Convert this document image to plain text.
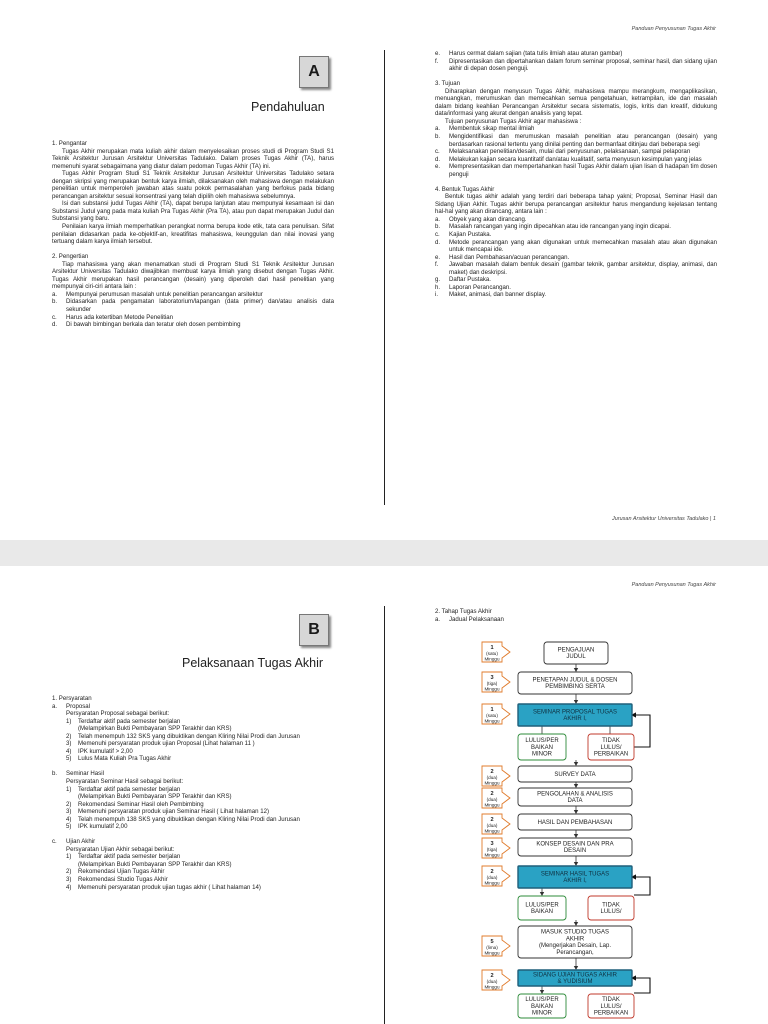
Panduan Penyusunan Tugas Akhir
A
Pendahuluan

1. Pengantar

Tugas Akhir merupakan mata kuliah akhir dalam menyelesaikan proses studi di Program Studi S1 Teknik Arsitektur Jurusan Arsitektur Universitas Tadulako. Dalam proses Tugas Akhir (TA), harus memenuhi syarat sebagaimana yang diatur dalam pedoman Tugas Akhir (TA) ini.

Tugas Akhir Program Studi S1 Teknik Arsitektur Jurusan Arsitektur Universitas Tadulako setara dengan skripsi yang merupakan bentuk karya ilmiah, dilaksanakan oleh mahasiswa dengan melakukan penelitian untuk memperoleh jawaban atas suatu pokok permasalahan yang berfokus pada bidang perancangan arsitektur sesuai konsentrasi yang telah dipilih oleh mahasiswa sebelumnya.

Isi dan substansi judul Tugas Akhir (TA), dapat berupa lanjutan atau mempunyai kesamaan isi dan Substansi Judul yang pada mata kuliah Pra Tugas Akhir (Pra TA), atau pun dapat merupakan Judul dan Substansi yang baru.

Penilaian karya ilmiah memperhatikan perangkat norma berupa kode etik, tata cara penulisan. Sifat penilaian didasarkan pada ke-objektif-an, kreatifitas mahasiswa, keunggulan dan nilai inovasi yang tertuang dalam karya ilmiah tersebut.

2. Pengertian

Tiap mahasiswa yang akan menamatkan studi di Program Studi S1 Teknik Arsitektur Jurusan Arsitektur Universitas Tadulako diwajibkan membuat karya ilmiah yang disebut dengan Tugas Akhir. Tugas Akhir merupakan hasil perancangan (desain) yang diperoleh dari hasil penelitian yang mempunyai ciri-ciri antara lain :

a.	Mempunyai perumusan masalah untuk penelitian perancangan arsitektur
b.	Didasarkan pada pengamatan laboratorium/lapangan (data primer) dan/atau analisis data sekunder
c.	Harus ada ketertiban Metode Penelitian
d.	Di bawah bimbingan berkala dan teratur oleh dosen pembimbing
e.	Harus cermat dalam sajian (tata tulis ilmiah atau aturan gambar)
f.	Dipresentasikan dan dipertahankan dalam forum seminar proposal, seminar hasil, dan sidang ujian akhir di depan dosen penguji.

3. Tujuan

Diharapkan dengan menyusun Tugas Akhir, mahasiswa mampu merangkum, mengaplikasikan, menuangkan, merumuskan dan memecahkan semua pengetahuan, ketrampilan, ide dan masalah dalam bidang keahlian Perancangan Arsitektur secara sistematis, logis, kritis dan kreatif, didukung data/informasi yang akurat dengan analisis yang tepat.

Tujuan penyusunan Tugas Akhir agar mahasiswa :

a.	Membentuk sikap mental ilmiah
b.	Mengidentifikasi dan merumuskan masalah penelitian atau perancangan (desain) yang berdasarkan rasional tertentu yang dinilai penting dan bermanfaat ditinjau dari beberapa segi
c.	Melaksanakan penelitian/desain, mulai dari penyusunan, pelaksanaan, sampai pelaporan
d.	Melakukan kajian secara kuantitatif dan/atau kualitatif, serta menyusun kesimpulan yang jelas
e.	Mempresentasikan dan mempertahankan hasil Tugas Akhir dalam ujian lisan di hadapan tim dosen penguji

4. Bentuk Tugas Akhir

Bentuk tugas akhir adalah yang terdiri dari beberapa tahap yakni; Proposal, Seminar Hasil dan Sidang Ujian Akhir. Tugas akhir berupa perancangan arsitektur harus mengandung kejelasan tentang hal-hal yang akan dirancang, antara lain :

a.	Obyek yang akan dirancang.
b.	Masalah rancangan yang ingin dipecahkan atau ide rancangan yang ingin dicapai.
c.	Kajian Pustaka.
d.	Metode perancangan yang akan digunakan untuk memecahkan masalah atau akan digunakan untuk mencapai ide.
e.	Hasil dan Pembahasan/acuan perancangan.
f.	Jawaban masalah dalam bentuk desain (gambar teknik, gambar arsitektur, display, animasi, dan maket) dan deskripsi.
g.	Daftar Pustaka.
h.	Laporan Perancangan.
i.	Maket, animasi, dan banner display.
Jurusan Arsitektur Universitas Tadulako | 1
Panduan Penyusunan Tugas Akhir
B
Pelaksanaan Tugas Akhir

1. Persyaratan

a.	Proposal

Persyaratan Proposal sebagai berikut:

1)	Terdaftar aktif pada semester berjalan

(Melampirkan Bukti Pembayaran SPP Terakhir dan KRS)

2)	Telah menempuh 132 SKS yang dibuktikan dengan Kliring Nilai Prodi dan Jurusan
3)	Memenuhi persyaratan produk ujian Proposal (Lihat halaman 11 )
4)	IPK kumulatif > 2,00
5)	Lulus Mata Kuliah Pra Tugas Akhir
b.	Seminar Hasil

Persyaratan Seminar Hasil sebagai berikut:

1)	Terdaftar aktif pada semester berjalan

(Melampirkan Bukti Pembayaran SPP Terakhir dan KRS)

2)	Rekomendasi Seminar Hasil oleh Pembimbing
3)	Memenuhi persyaratan produk ujian Seminar Hasil ( Lihat halaman 12)
4)	Telah menempuh 138 SKS yang dibuktikan dengan Kliring Nilai Prodi dan Jurusan
5)	IPK kumulatif 2,00
c.	Ujian Akhir

Persyaratan Ujian Akhir sebagai berikut:

1)	Terdaftar aktif pada semester berjalan

(Melampirkan Bukti Pembayaran SPP Terakhir dan KRS)

2)	Rekomendasi Ujian Tugas Akhir
3)	Rekomendasi Studio Tugas Akhir
4)	Memenuhi persyaratan produk ujian tugas akhir ( Lihat halaman 14)

2. Tahap Tugas Akhir

a.	Jadual Pelaksanaan
PENGAJUAN
JUDUL
PENETAPAN JUDUL & DOSEN
PEMBIMBING SERTA
SEMINAR PROPOSAL TUGAS
AKHIR I,
LULUS/PER
BAIKAN
MINOR
TIDAK
LULUS/
PERBAIKAN
SURVEY DATA
PENGOLAHAN & ANALISIS
DATA
HASIL DAN PEMBAHASAN
KONSEP DESAIN DAN PRA
DESAIN
SEMINAR HASIL TUGAS
AKHIR I,
LULUS/PER
BAIKAN
TIDAK
LULUS/
MASUK STUDIO TUGAS
AKHIR
(Mengerjakan Desain, Lap.
Perancangan,
SIDANG UJIAN TUGAS AKHIR
& YUDISIUM
LULUS/PER
BAIKAN
MINOR
TIDAK
LULUS/
PERBAIKAN
1
(satu)
Minggu
3
(tiga)
Minggu
1
(satu)
Minggu
2
(dua)
Minggu
2
(dua)
Minggu
2
(dua)
Minggu
3
(tiga)
Minggu
2
(dua)
Minggu
5
(lima)
Minggu
2
(dua)
Minggu
